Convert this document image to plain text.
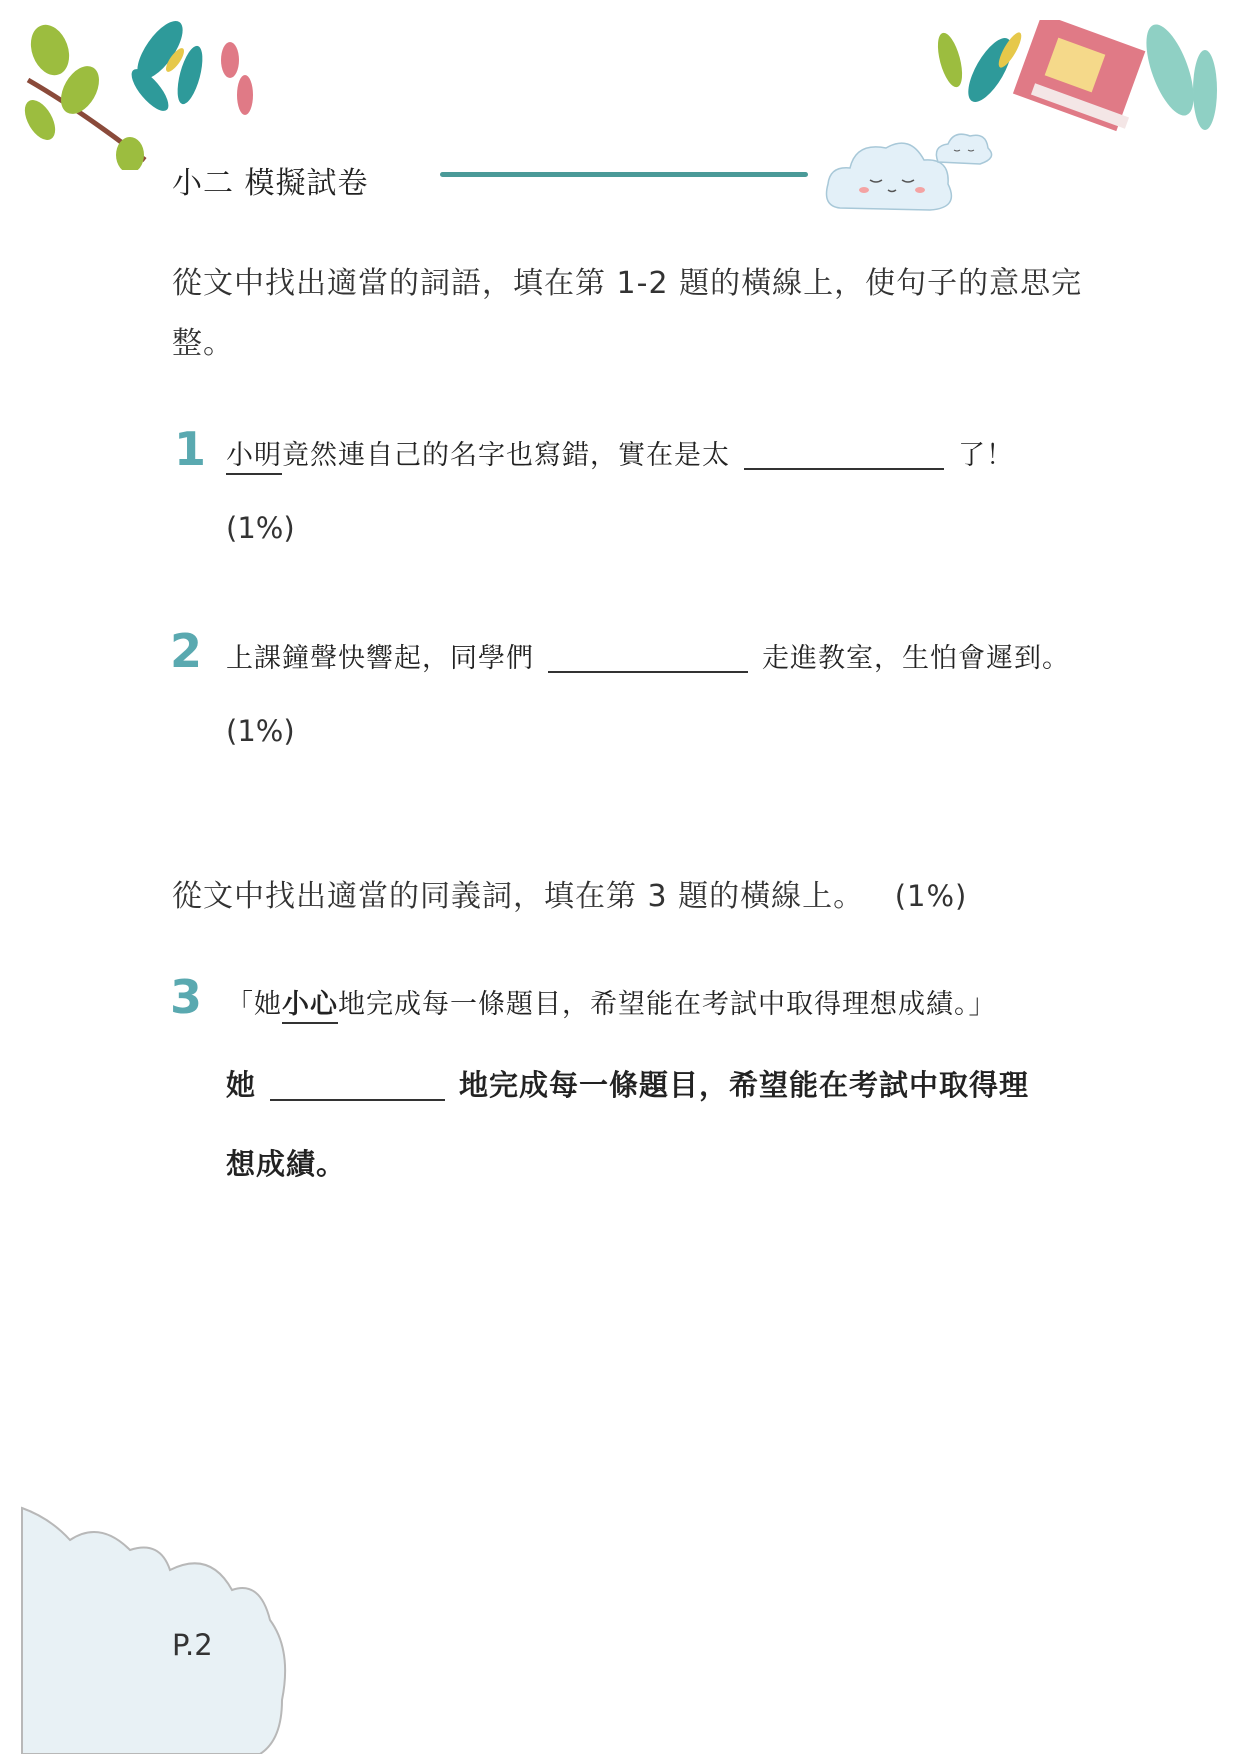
小二 模擬試卷
從文中找出適當的詞語，填在第 1-2 題的橫線上，使句子的意思完
整。
1 小明竟然連自己的名字也寫錯，實在是太	了！
(1%)
2 上課鐘聲快響起，同學們	走進教室，生怕會遲到。
(1%)
從文中找出適當的同義詞，填在第 3 題的橫線上。 (1%)
3 「她小心地完成每一條題目，希望能在考試中取得理想成績。」
她	地完成每一條題目，希望能在考試中取得理
想成績。
P.2
